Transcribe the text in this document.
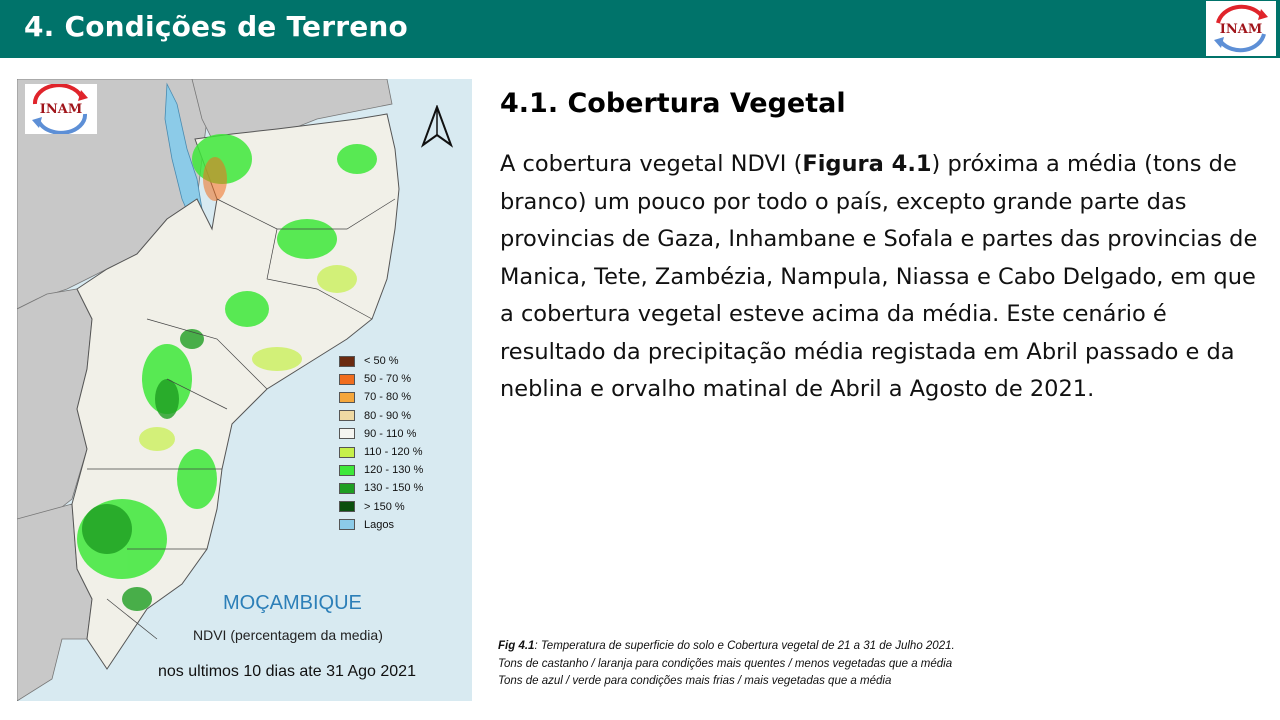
4. Condições de Terreno	INAM
INAM
< 50 %
50 - 70 %
70 - 80 %
80 - 90 %
90 - 110 %
110 - 120 %
120 - 130 %
130 - 150 %
> 150 %
Lagos
MOÇAMBIQUE
NDVI (percentagem da media)
nos ultimos 10 dias ate 31 Ago 2021
4.1. Cobertura Vegetal
A cobertura vegetal NDVI (Figura 4.1) próxima a média (tons de branco) um pouco por todo o país, excepto grande parte das provincias de Gaza, Inhambane e Sofala e partes das provincias de Manica, Tete, Zambézia, Nampula, Niassa e Cabo Delgado, em que a cobertura vegetal esteve acima da média. Este cenário é resultado da precipitação média registada em Abril passado e da neblina e orvalho matinal de Abril a Agosto de 2021.
Fig 4.1: Temperatura de superficie do solo e Cobertura vegetal de 21 a 31 de Julho 2021.
Tons de castanho / laranja para condições mais quentes / menos vegetadas que a média
Tons de azul / verde para condições mais frias / mais vegetadas que a média
